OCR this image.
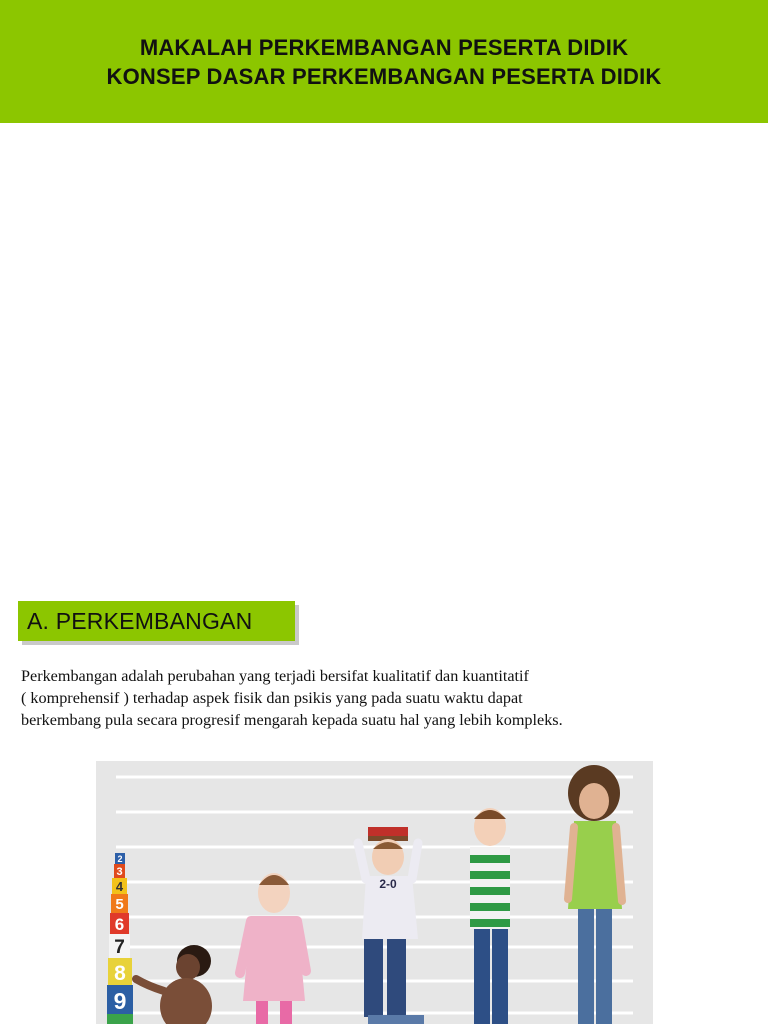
MAKALAH PERKEMBANGAN PESERTA DIDIK
KONSEP DASAR PERKEMBANGAN PESERTA DIDIK
A. PERKEMBANGAN

Perkembangan adalah perubahan yang terjadi bersifat kualitatif dan kuantitatif
( komprehensif ) terhadap aspek fisik dan psikis yang pada suatu waktu dapat
berkembang pula secara progresif mengarah kepada suatu hal yang lebih kompleks.

2
3
4
5
6
7
8
9
2-0
